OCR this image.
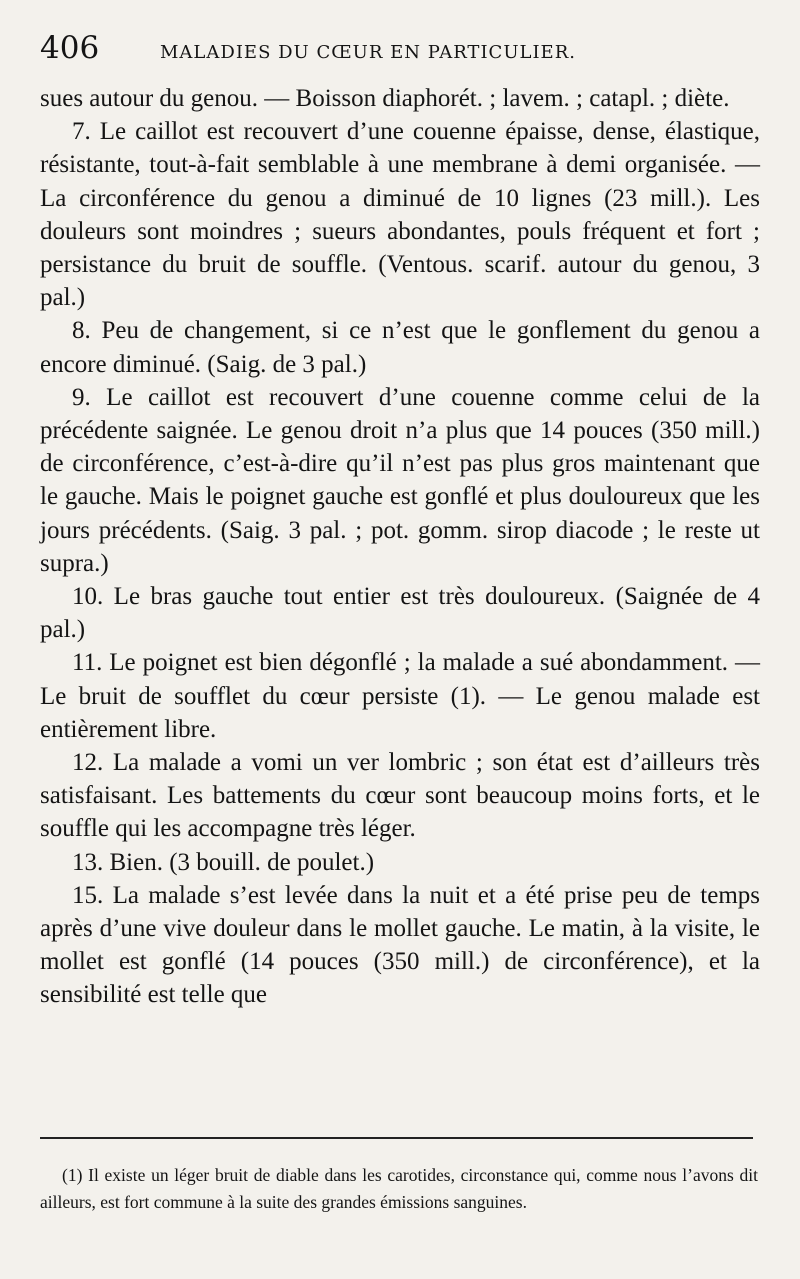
406	MALADIES DU CŒUR EN PARTICULIER.

sues autour du genou. — Boisson diaphorét. ; lavem. ; catapl. ; diète.

7. Le caillot est recouvert d’une couenne épaisse, dense, élastique, résistante, tout-à-fait semblable à une membrane à demi organisée. — La circonférence du genou a diminué de 10 lignes (23 mill.). Les douleurs sont moindres ; sueurs abondantes, pouls fréquent et fort ; persistance du bruit de souffle. (Ventous. scarif. autour du genou, 3 pal.)

8. Peu de changement, si ce n’est que le gonflement du genou a encore diminué. (Saig. de 3 pal.)

9. Le caillot est recouvert d’une couenne comme celui de la précédente saignée. Le genou droit n’a plus que 14 pouces (350 mill.) de circonférence, c’est-à-dire qu’il n’est pas plus gros maintenant que le gauche. Mais le poignet gauche est gonflé et plus douloureux que les jours précédents. (Saig. 3 pal. ; pot. gomm. sirop diacode ; le reste ut supra.)

10. Le bras gauche tout entier est très douloureux. (Saignée de 4 pal.)

11. Le poignet est bien dégonflé ; la malade a sué abondamment. — Le bruit de soufflet du cœur persiste (1). — Le genou malade est entièrement libre.

12. La malade a vomi un ver lombric ; son état est d’ailleurs très satisfaisant. Les battements du cœur sont beaucoup moins forts, et le souffle qui les accompagne très léger.

13. Bien. (3 bouill. de poulet.)

15. La malade s’est levée dans la nuit et a été prise peu de temps après d’une vive douleur dans le mollet gauche. Le matin, à la visite, le mollet est gonflé (14 pouces (350 mill.) de circonférence), et la sensibilité est telle que

(1) Il existe un léger bruit de diable dans les carotides, circonstance qui, comme nous l’avons dit ailleurs, est fort commune à la suite des grandes émissions sanguines.
